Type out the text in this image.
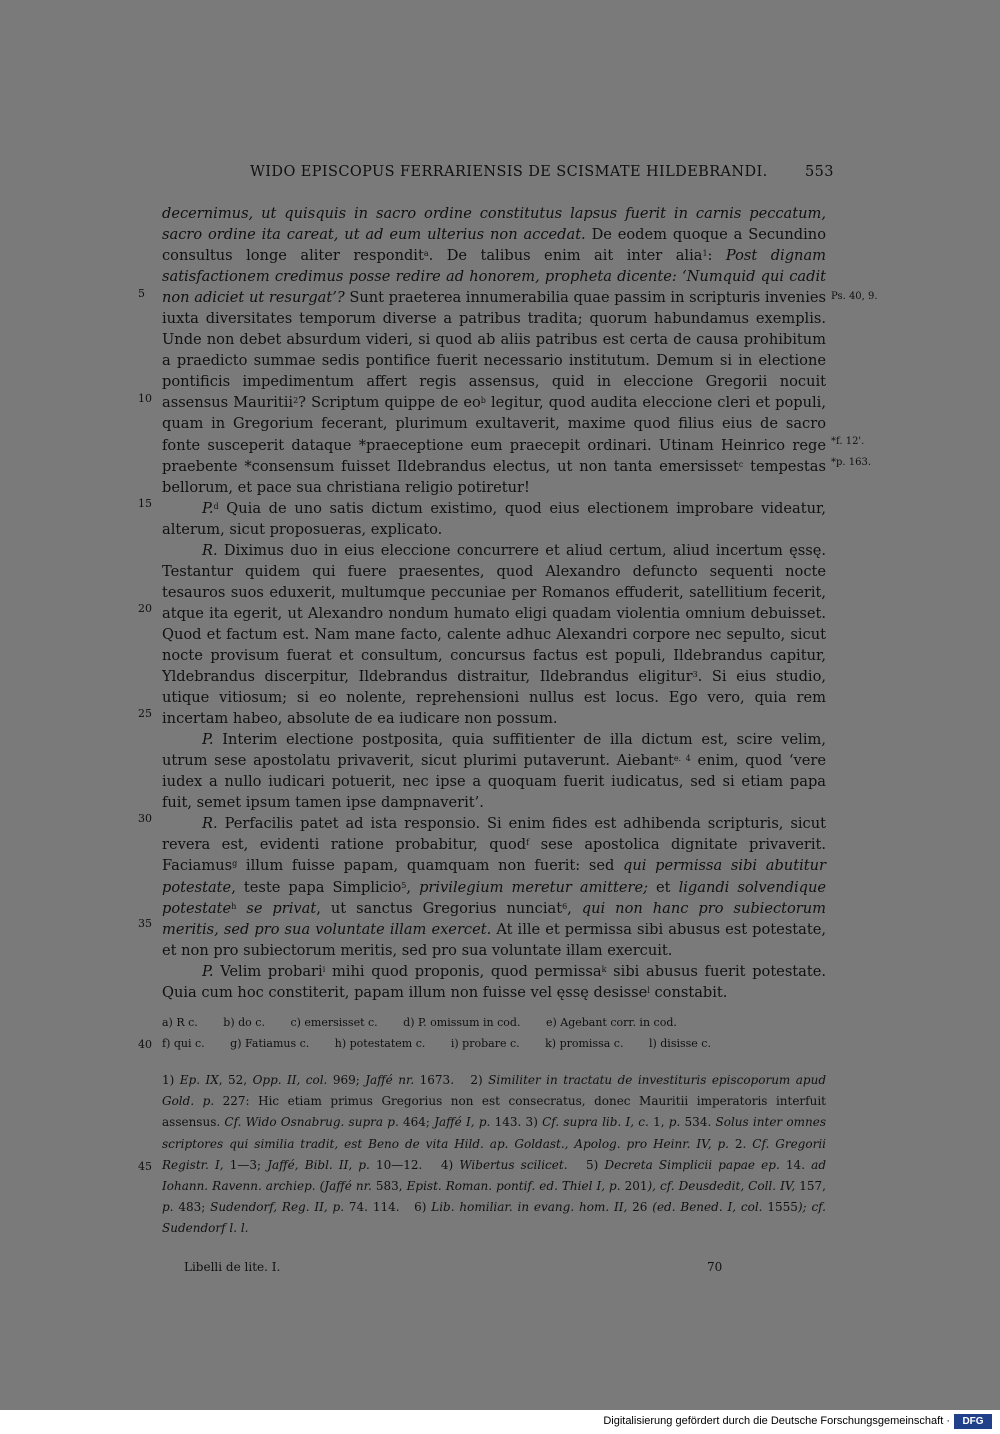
WIDO EPISCOPUS FERRARIENSIS DE SCISMATE HILDEBRANDI.	553

decernimus, ut quisquis in sacro ordine constitutus lapsus fuerit in carnis peccatum, sacro ordine ita careat, ut ad eum ulterius non accedat. De eodem quoque a Secundino consultus longe aliter respondit$^a$. De talibus enim ait inter alia$^1$: Post dignam satisfactionem credimus posse redire ad honorem, propheta dicente: ‘Numquid qui cadit non adiciet ut resurgat’? Sunt praeterea innumerabilia quae passim in scripturis invenies iuxta diversitates temporum diverse a patribus tradita; quorum habundamus exemplis. Unde non debet absurdum videri, si quod ab aliis patribus est certa de causa prohibitum a praedicto summae sedis pontifice fuerit necessario institutum. Demum si in electione pontificis impedimentum affert regis assensus, quid in eleccione Gregorii nocuit assensus Mauritii$^2$? Scriptum quippe de $eo^b$ legitur, quod audita eleccione cleri et populi, quam in Gregorium fecerant, plurimum exultaverit, maxime quod filius eius de sacro fonte susceperit dataque *praeceptione eum praecepit ordinari. Utinam Heinrico rege praebente *consensum fuisset Ildebrandus electus, ut non tanta emersisset$^c$ tempestas bellorum, et pace sua christiana religio potiretur!

P.$^d$ Quia de uno satis dictum existimo, quod eius electionem improbare videatur, alterum, sicut proposueras, explicato.

R. Diximus duo in eius eleccione concurrere et aliud certum, aliud incertum ęssę. Testantur quidem qui fuere praesentes, quod Alexandro defuncto sequenti nocte tesauros suos eduxerit, multumque peccuniae per Romanos effuderit, satellitium fecerit, atque ita egerit, ut Alexandro nondum humato eligi quadam violentia omnium debuisset. Quod et factum est. Nam mane facto, calente adhuc Alexandri corpore nec sepulto, sicut nocte provisum fuerat et consultum, concursus factus est populi, Ildebrandus capitur, Yldebrandus discerpitur, Ildebrandus distraitur, Ildebrandus eligitur$^3$. Si eius studio, utique vitiosum; si eo nolente, reprehensioni nullus est locus. Ego vero, quia rem incertam habeo, absolute de ea iudicare non possum.

P. Interim electione postposita, quia suffitienter de illa dictum est, scire velim, utrum sese apostolatu privaverit, sicut plurimi putaverunt. Aiebant$^{e. 4}$ enim, quod ‘vere iudex a nullo iudicari potuerit, nec ipse a quoquam fuerit iudicatus, sed si etiam papa fuit, semet ipsum tamen ipse dampnaverit’.

R. Perfacilis patet ad ista responsio. Si enim fides est adhibenda scripturis, sicut revera est, evidenti ratione probabitur, quod$^f$ sese apostolica dignitate privaverit. Faciamus$^g$ illum fuisse papam, quamquam non fuerit: sed qui permissa sibi abutitur potestate, teste papa Simplicio$^5$, privilegium meretur amittere; et ligandi solvendique potestate$^h$ se privat, ut sanctus Gregorius nunciat$^6$, qui non hanc pro subiectorum meritis, sed pro sua voluntate illam exercet. At ille et permissa sibi abusus est potestate, et non pro subiectorum meritis, sed pro sua voluntate illam exercuit.

P. Velim probari$^i$ mihi quod proponis, quod permissa$^k$ sibi abusus fuerit potestate. Quia cum hoc constiterit, papam illum non fuisse vel ęssę desisse$^l$ constabit.

5
10
15
20
25
30
35
40
45
Ps. 40, 9.
*f. 12'.
*p. 163.
a) R c. b) do c. c) emersisset c. d) P. omissum in cod. e) Agebant corr. in cod.
f) qui c. g) Fatiamus c. h) potestatem c. i) probare c. k) promissa c. l) disisse c.
1) Ep. IX, 52, Opp. II, col. 969; Jaffé nr. 1673.   2) Similiter in tractatu de investituris episcoporum apud Gold. p. 227: Hic etiam primus Gregorius non est consecratus, donec Mauritii imperatoris interfuit assensus. Cf. Wido Osnabrug. supra p. 464; Jaffé I, p. 143. 3) Cf. supra lib. I, c. 1, p. 534. Solus inter omnes scriptores qui similia tradit, est Beno de vita Hild. ap. Goldast., Apolog. pro Heinr. IV, p. 2. Cf. Gregorii Registr. I, 1—3; Jaffé, Bibl. II, p. 10—12.   4) Wibertus scilicet.   5) Decreta Simplicii papae ep. 14. ad Iohann. Ravenn. archiep. (Jaffé nr. 583, Epist. Roman. pontif. ed. Thiel I, p. 201), cf. Deusdedit, Coll. IV, 157, p. 483; Sudendorf, Reg. II, p. 74. 114.   6) Lib. homiliar. in evang. hom. II, 26 (ed. Bened. I, col. 1555); cf. Sudendorf l. l.
Libelli de lite. I.	70
Digitalisierung gefördert durch die Deutsche Forschungsgemeinschaft ·	DFG
